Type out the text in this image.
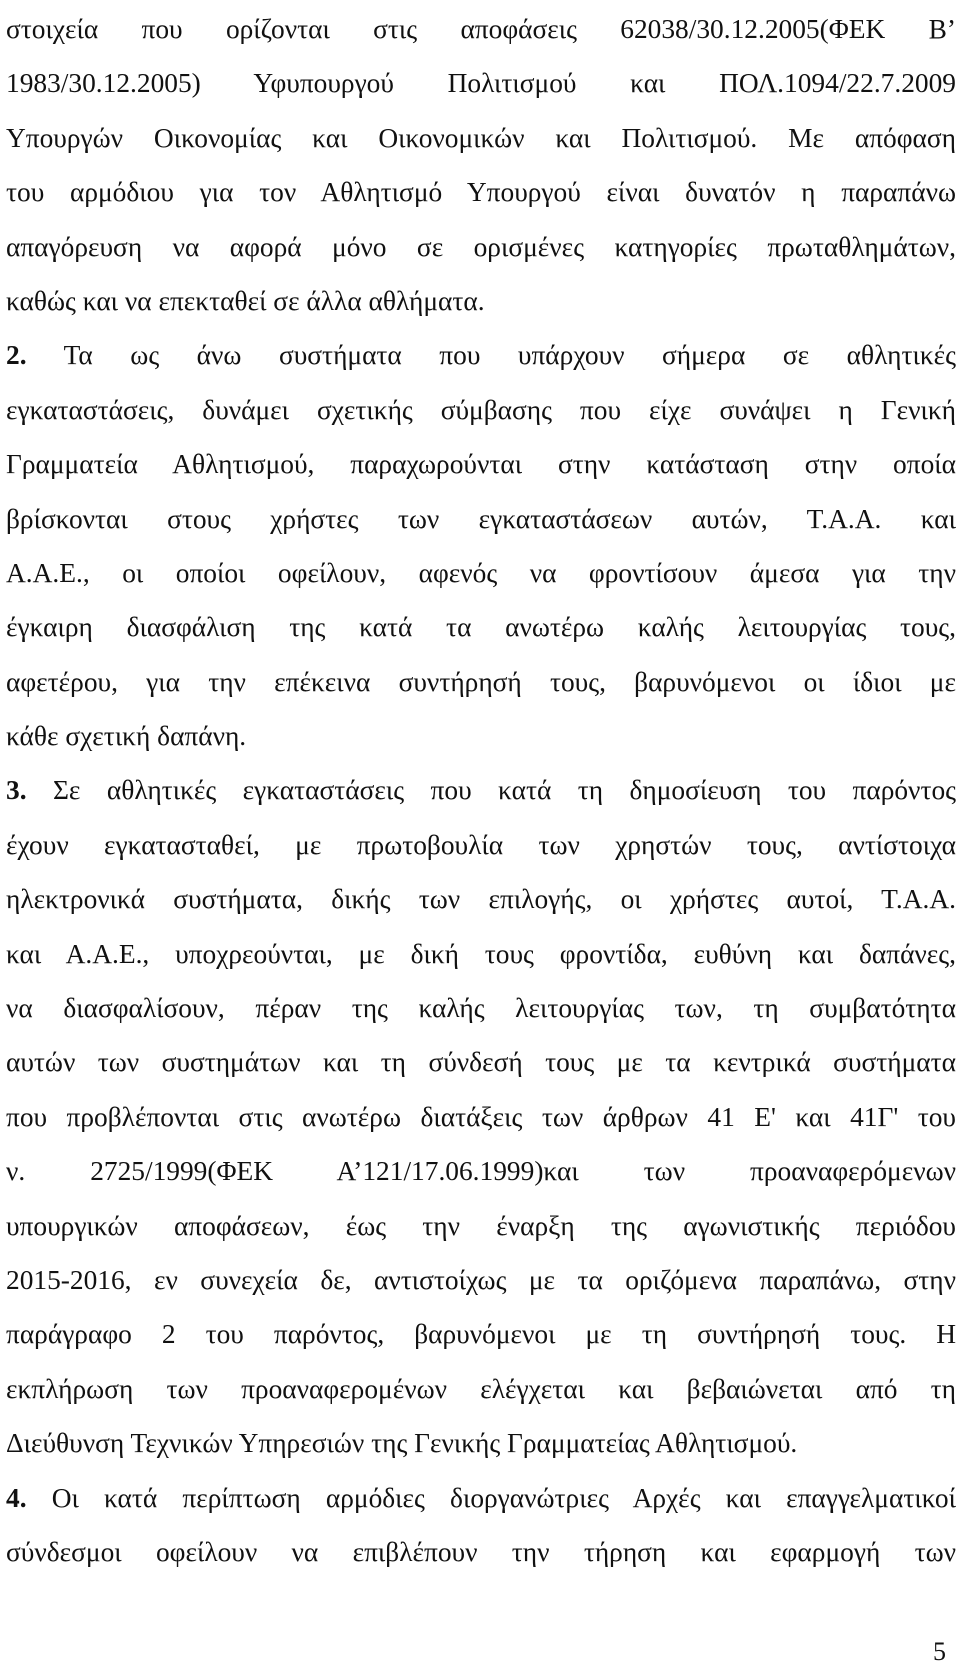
στοιχεία που ορίζονται στις αποφάσεις 62038/30.12.2005(ΦΕΚ Β’
1983/30.12.2005) Υφυπουργού Πολιτισμού και ΠΟΛ.1094/22.7.2009
Υπουργών Οικονομίας και Οικονομικών και Πολιτισμού. Με απόφαση
του αρμόδιου για τον Αθλητισμό Υπουργού είναι δυνατόν η παραπάνω
απαγόρευση να αφορά μόνο σε ορισμένες κατηγορίες πρωταθλημάτων,
καθώς και να επεκταθεί σε άλλα αθλήματα.
2. Τα ως άνω συστήματα που υπάρχουν σήμερα σε αθλητικές
εγκαταστάσεις, δυνάμει σχετικής σύμβασης που είχε συνάψει η Γενική
Γραμματεία Αθλητισμού, παραχωρούνται στην κατάσταση στην οποία
βρίσκονται στους χρήστες των εγκαταστάσεων αυτών, Τ.Α.Α. και
Α.Α.Ε., οι οποίοι οφείλουν, αφενός να φροντίσουν άμεσα για την
έγκαιρη διασφάλιση της κατά τα ανωτέρω καλής λειτουργίας τους,
αφετέρου, για την επέκεινα συντήρησή τους, βαρυνόμενοι οι ίδιοι με
κάθε σχετική δαπάνη.
3. Σε αθλητικές εγκαταστάσεις που κατά τη δημοσίευση του παρόντος
έχουν εγκατασταθεί, με πρωτοβουλία των χρηστών τους, αντίστοιχα
ηλεκτρονικά συστήματα, δικής των επιλογής, οι χρήστες αυτοί, Τ.Α.Α.
και Α.Α.Ε., υποχρεούνται, με δική τους φροντίδα, ευθύνη και δαπάνες,
να διασφαλίσουν, πέραν της καλής λειτουργίας των, τη συμβατότητα
αυτών των συστημάτων και τη σύνδεσή τους με τα κεντρικά συστήματα
που προβλέπονται στις ανωτέρω διατάξεις των άρθρων 41 Ε' και 41Γ' του
ν. 2725/1999(ΦΕΚ Α’121/17.06.1999)και των προαναφερόμενων
υπουργικών αποφάσεων, έως την έναρξη της αγωνιστικής περιόδου
2015-2016, εν συνεχεία δε, αντιστοίχως με τα οριζόμενα παραπάνω, στην
παράγραφο 2 του παρόντος, βαρυνόμενοι με τη συντήρησή τους. Η
εκπλήρωση των προαναφερομένων ελέγχεται και βεβαιώνεται από τη
Διεύθυνση Τεχνικών Υπηρεσιών της Γενικής Γραμματείας Αθλητισμού.
4. Οι κατά περίπτωση αρμόδιες διοργανώτριες Αρχές και επαγγελματικοί
σύνδεσμοι οφείλουν να επιβλέπουν την τήρηση και εφαρμογή των
5
